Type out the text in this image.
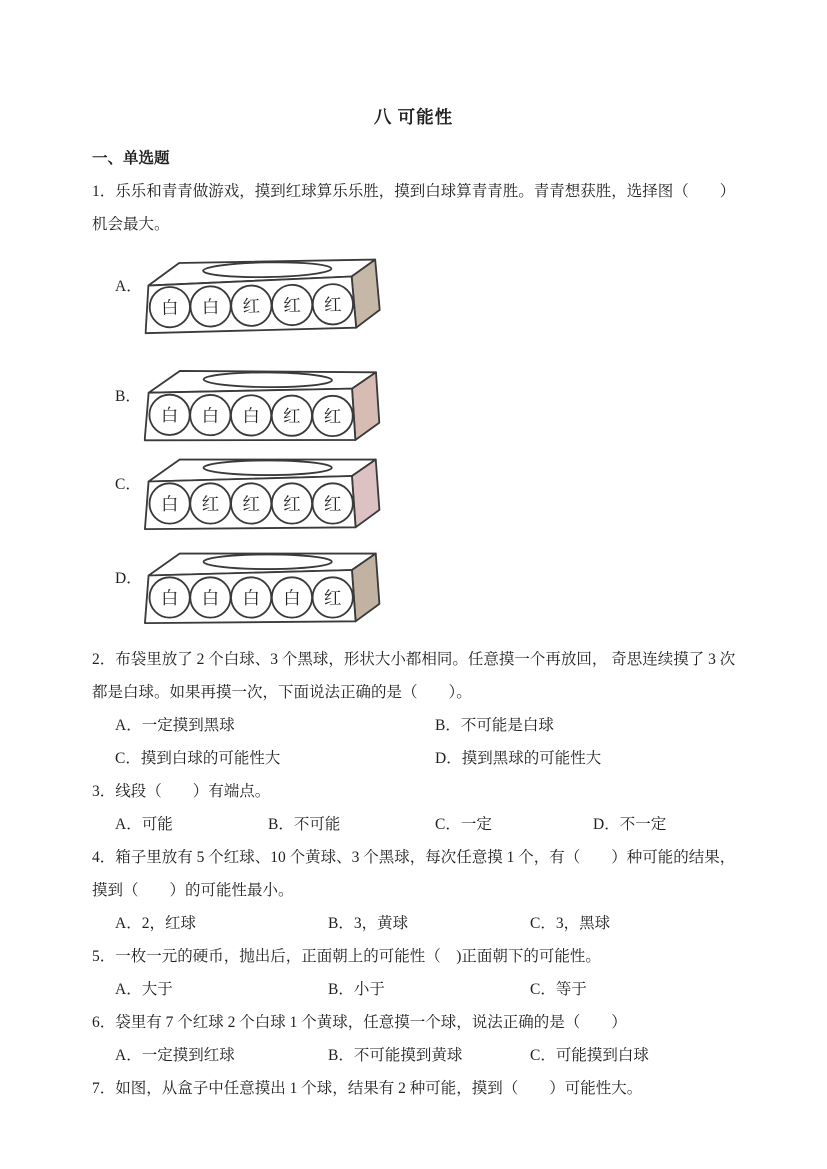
八 可能性
一、单选题
1．乐乐和青青做游戏，摸到红球算乐乐胜，摸到白球算青青胜。青青想获胜，选择图（　　）
机会最大。
A．
白 白 红 红 红
B．
白 白 白 红 红
C．
白 红 红 红 红
D．
白 白 白 白 红
2．布袋里放了 2 个白球、3 个黑球，形状大小都相同。任意摸一个再放回， 奇思连续摸了 3 次
都是白球。如果再摸一次，下面说法正确的是（　　）。
A．一定摸到黑球	B．不可能是白球
C．摸到白球的可能性大	D．摸到黑球的可能性大
3．线段（　　）有端点。
A．可能	B．不可能	C．一定	D．不一定
4．箱子里放有 5 个红球、10 个黄球、3 个黑球，每次任意摸 1 个，有（　　）种可能的结果，
摸到（　　）的可能性最小。
A．2，红球	B．3，黄球	C．3，黑球
5．一枚一元的硬币，抛出后，正面朝上的可能性（　)正面朝下的可能性。
A．大于	B．小于	C．等于
6．袋里有 7 个红球 2 个白球 1 个黄球，任意摸一个球，说法正确的是（　　）
A．一定摸到红球	B．不可能摸到黄球	C．可能摸到白球
7．如图，从盒子中任意摸出 1 个球，结果有 2 种可能，摸到（　　）可能性大。
